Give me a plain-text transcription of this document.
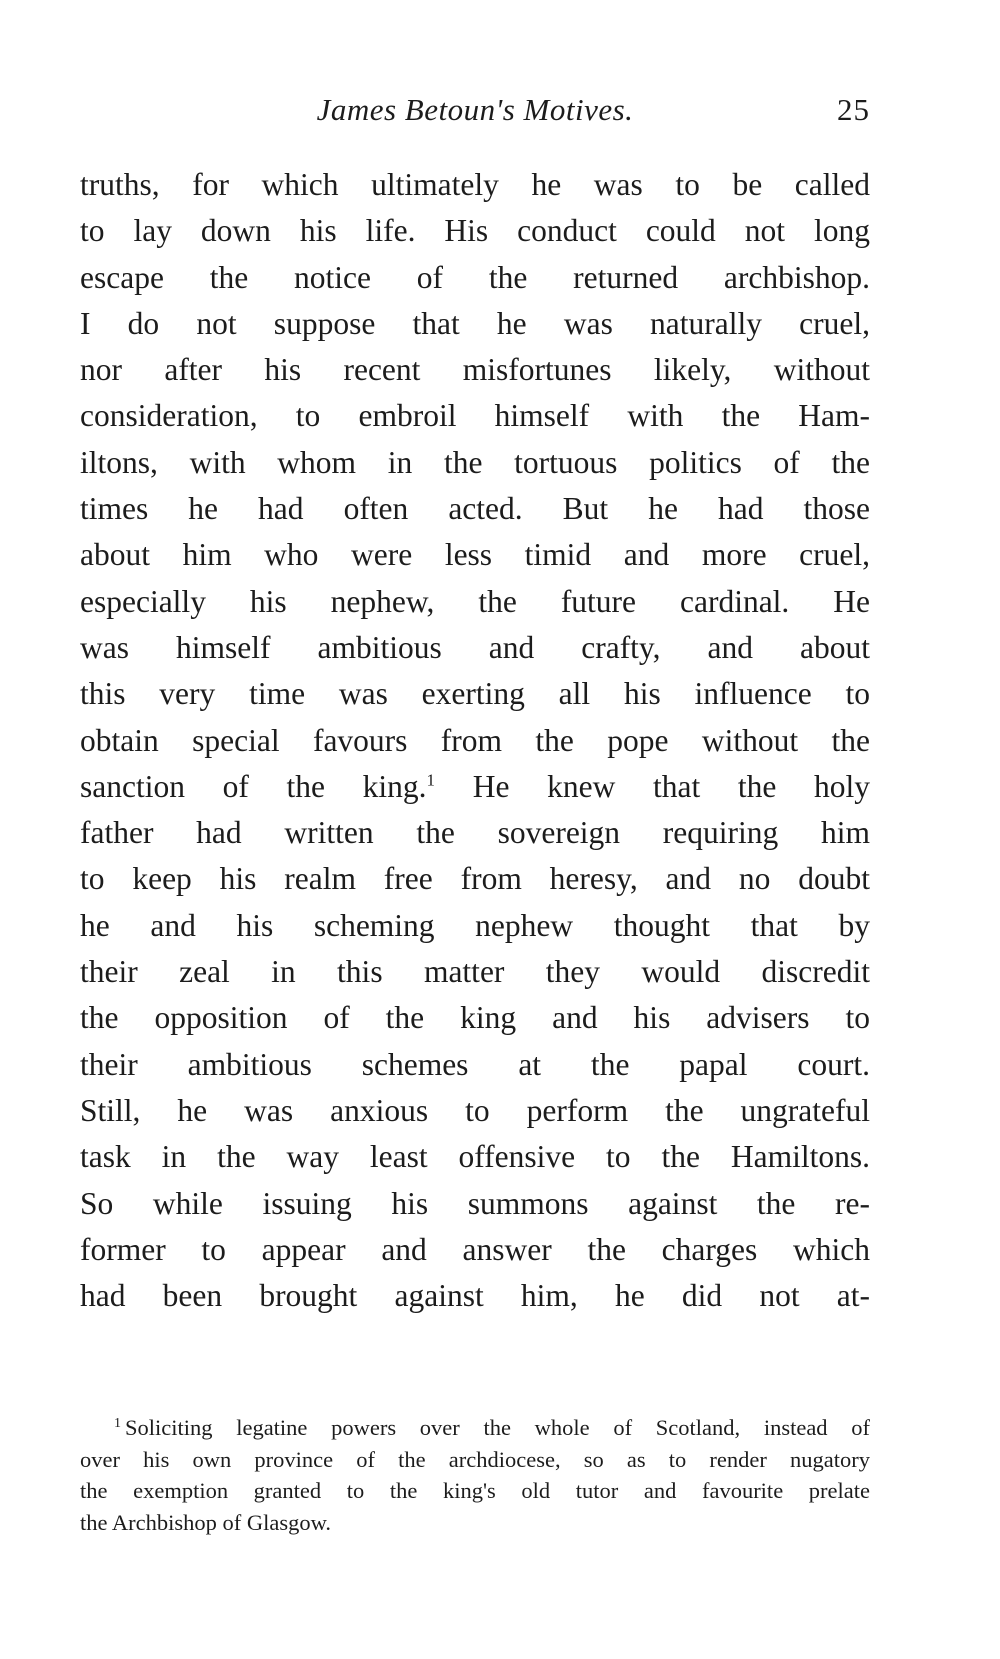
James Betoun's Motives.	25
truths, for which ultimately he was to be called
to lay down his life. His conduct could not long
escape the notice of the returned archbishop.
I do not suppose that he was naturally cruel,
nor after his recent misfortunes likely, without
consideration, to embroil himself with the Ham-
iltons, with whom in the tortuous politics of the
times he had often acted. But he had those
about him who were less timid and more cruel,
especially his nephew, the future cardinal. He
was himself ambitious and crafty, and about
this very time was exerting all his influence to
obtain special favours from the pope without the
sanction of the king.$^1$ He knew that the holy
father had written the sovereign requiring him
to keep his realm free from heresy, and no doubt
he and his scheming nephew thought that by
their zeal in this matter they would discredit
the opposition of the king and his advisers to
their ambitious schemes at the papal court.
Still, he was anxious to perform the ungrateful
task in the way least offensive to the Hamiltons.
So while issuing his summons against the re-
former to appear and answer the charges which
had been brought against him, he did not at-
$^1$ Soliciting legatine powers over the whole of Scotland, instead of
over his own province of the archdiocese, so as to render nugatory
the exemption granted to the king's old tutor and favourite prelate
the Archbishop of Glasgow.
